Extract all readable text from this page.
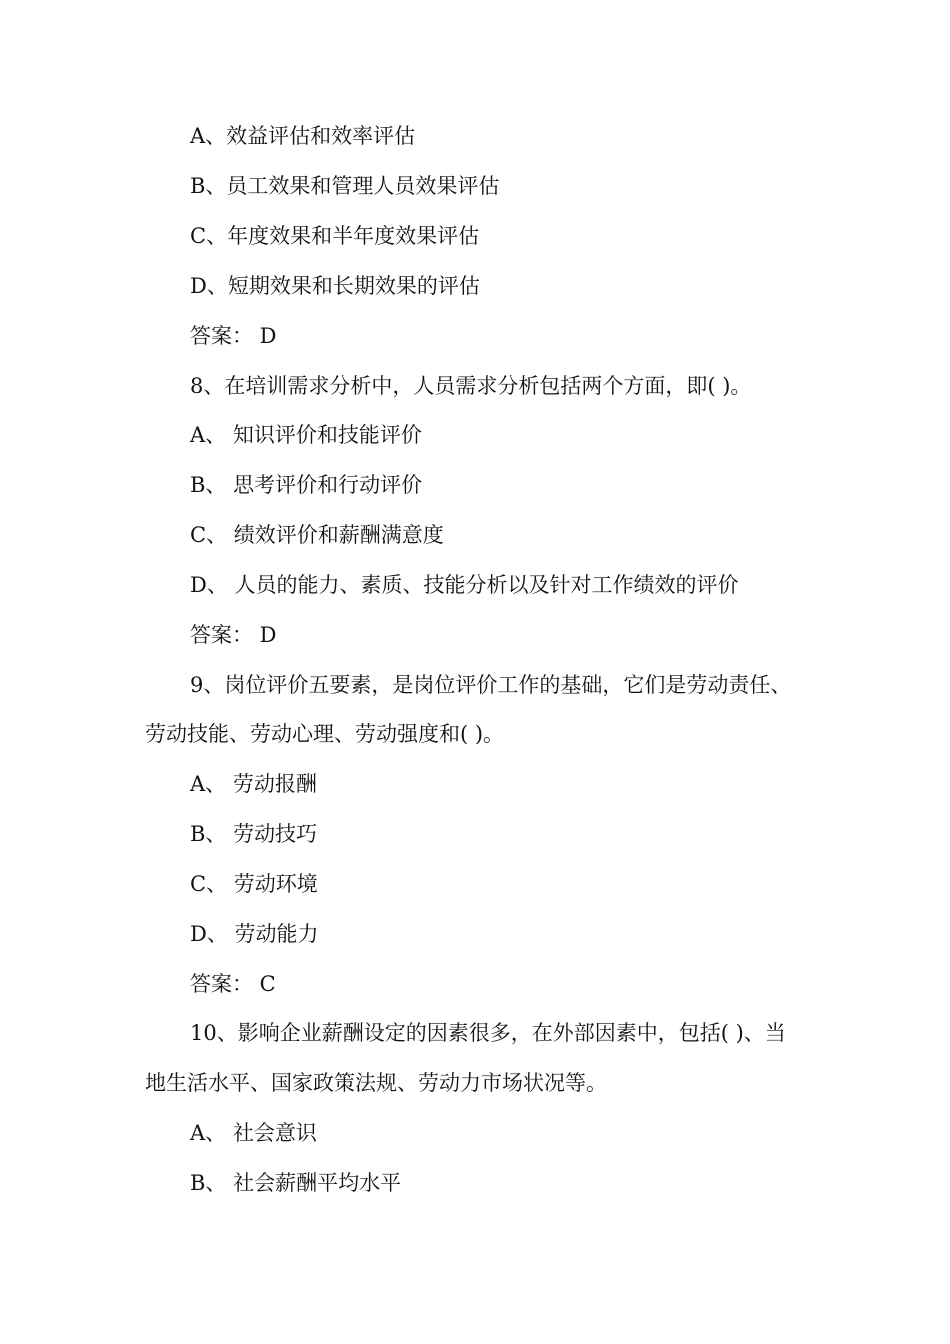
A、效益评估和效率评估
B、员工效果和管理人员效果评估
C、年度效果和半年度效果评估
D、短期效果和长期效果的评估
答案： D
8、在培训需求分析中，人员需求分析包括两个方面，即( )。
A、 知识评价和技能评价
B、 思考评价和行动评价
C、 绩效评价和薪酬满意度
D、 人员的能力、素质、技能分析以及针对工作绩效的评价
答案： D
9、岗位评价五要素，是岗位评价工作的基础，它们是劳动责任、
劳动技能、劳动心理、劳动强度和( )。
A、 劳动报酬
B、 劳动技巧
C、 劳动环境
D、 劳动能力
答案： C
10、影响企业薪酬设定的因素很多，在外部因素中，包括( )、当
地生活水平、国家政策法规、劳动力市场状况等。
A、 社会意识
B、 社会薪酬平均水平
